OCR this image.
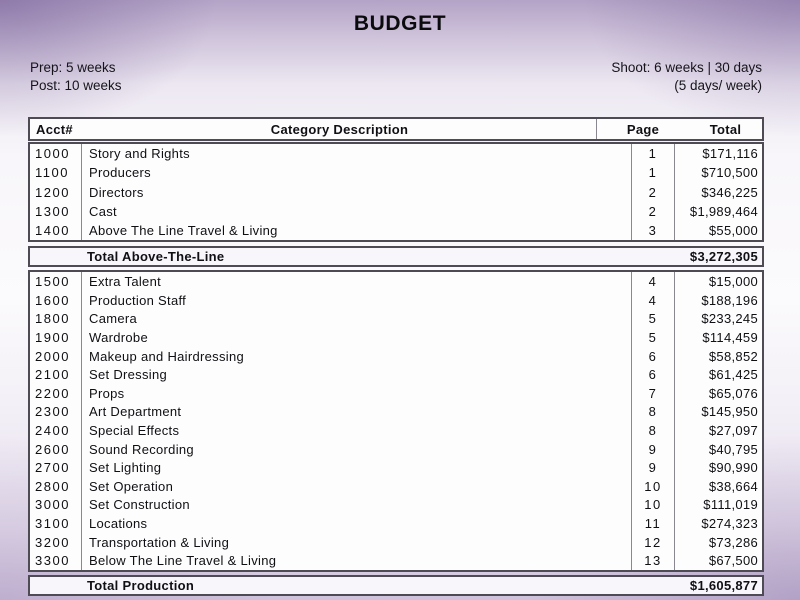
BUDGET
Prep: 5 weeks
Post: 10 weeks
Shoot: 6 weeks | 30 days
(5 days/ week)
Acct#	Category Description	Page	Total
1000	Story and Rights	1	$171,116
1100	Producers	1	$710,500
1200	Directors	2	$346,225
1300	Cast	2	$1,989,464
1400	Above The Line Travel & Living	3	$55,000
Total Above-The-Line	$3,272,305
1500	Extra Talent	4	$15,000
1600	Production Staff	4	$188,196
1800	Camera	5	$233,245
1900	Wardrobe	5	$114,459
2000	Makeup and Hairdressing	6	$58,852
2100	Set Dressing	6	$61,425
2200	Props	7	$65,076
2300	Art Department	8	$145,950
2400	Special Effects	8	$27,097
2600	Sound Recording	9	$40,795
2700	Set Lighting	9	$90,990
2800	Set Operation	10	$38,664
3000	Set Construction	10	$111,019
3100	Locations	11	$274,323
3200	Transportation & Living	12	$73,286
3300	Below The Line Travel & Living	13	$67,500
Total Production	$1,605,877
